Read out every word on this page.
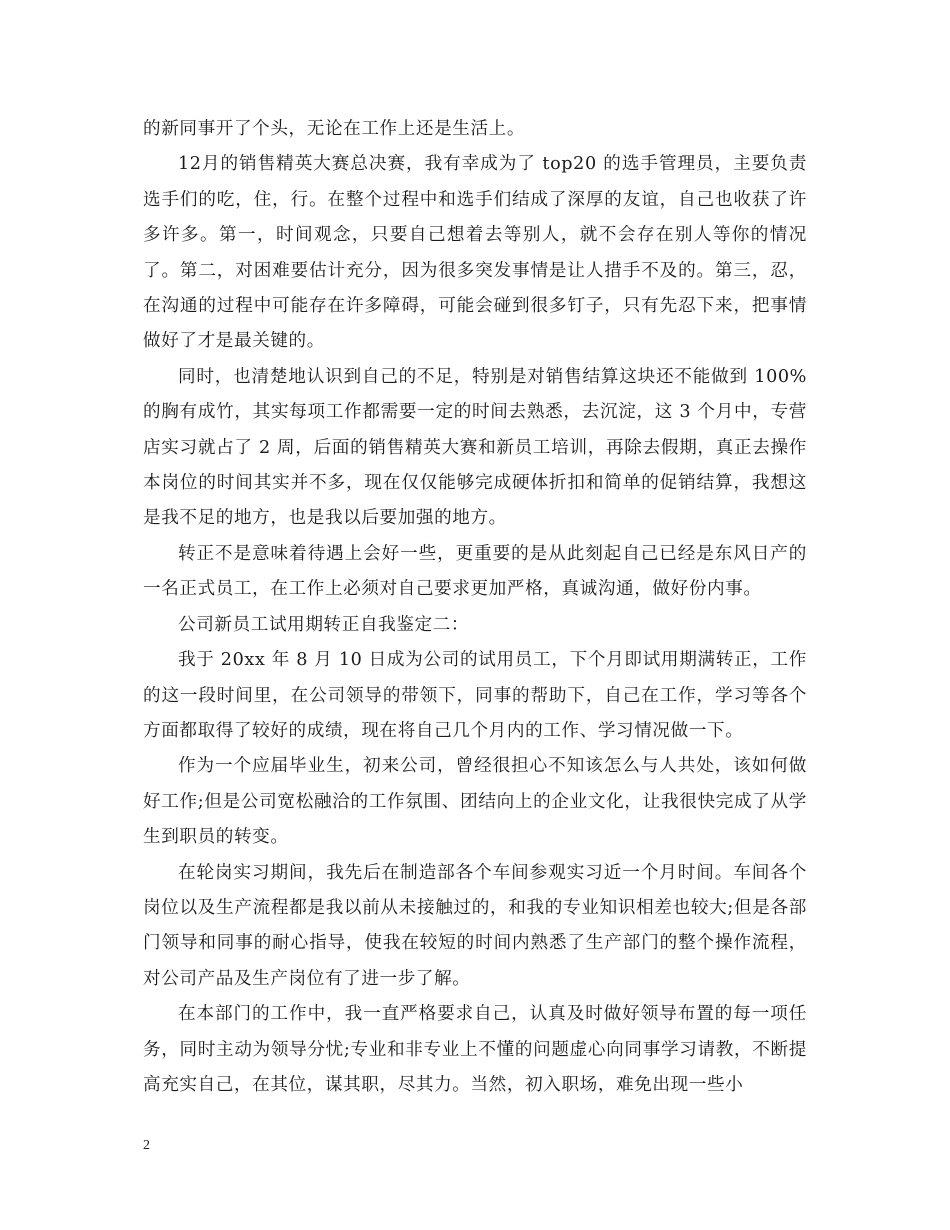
的新同事开了个头，无论在工作上还是生活上。

12月的销售精英大赛总决赛，我有幸成为了 top20 的选手管理员，主要负责选手们的吃，住，行。在整个过程中和选手们结成了深厚的友谊，自己也收获了许多许多。第一，时间观念，只要自己想着去等别人，就不会存在别人等你的情况了。第二，对困难要估计充分，因为很多突发事情是让人措手不及的。第三，忍，在沟通的过程中可能存在许多障碍，可能会碰到很多钉子，只有先忍下来，把事情做好了才是最关键的。

同时，也清楚地认识到自己的不足，特别是对销售结算这块还不能做到 100%的胸有成竹，其实每项工作都需要一定的时间去熟悉，去沉淀，这 3 个月中，专营店实习就占了 2 周，后面的销售精英大赛和新员工培训，再除去假期，真正去操作本岗位的时间其实并不多，现在仅仅能够完成硬体折扣和简单的促销结算，我想这是我不足的地方，也是我以后要加强的地方。

转正不是意味着待遇上会好一些，更重要的是从此刻起自己已经是东风日产的一名正式员工，在工作上必须对自己要求更加严格，真诚沟通，做好份内事。

公司新员工试用期转正自我鉴定二：

我于 20xx 年 8 月 10 日成为公司的试用员工，下个月即试用期满转正，工作的这一段时间里，在公司领导的带领下，同事的帮助下，自己在工作，学习等各个方面都取得了较好的成绩，现在将自己几个月内的工作、学习情况做一下。

作为一个应届毕业生，初来公司，曾经很担心不知该怎么与人共处，该如何做好工作;但是公司宽松融洽的工作氛围、团结向上的企业文化，让我很快完成了从学生到职员的转变。

在轮岗实习期间，我先后在制造部各个车间参观实习近一个月时间。车间各个岗位以及生产流程都是我以前从未接触过的，和我的专业知识相差也较大;但是各部门领导和同事的耐心指导，使我在较短的时间内熟悉了生产部门的整个操作流程，对公司产品及生产岗位有了进一步了解。

在本部门的工作中，我一直严格要求自己，认真及时做好领导布置的每一项任务，同时主动为领导分忧;专业和非专业上不懂的问题虚心向同事学习请教，不断提高充实自己，在其位，谋其职，尽其力。当然，初入职场，难免出现一些小

2
